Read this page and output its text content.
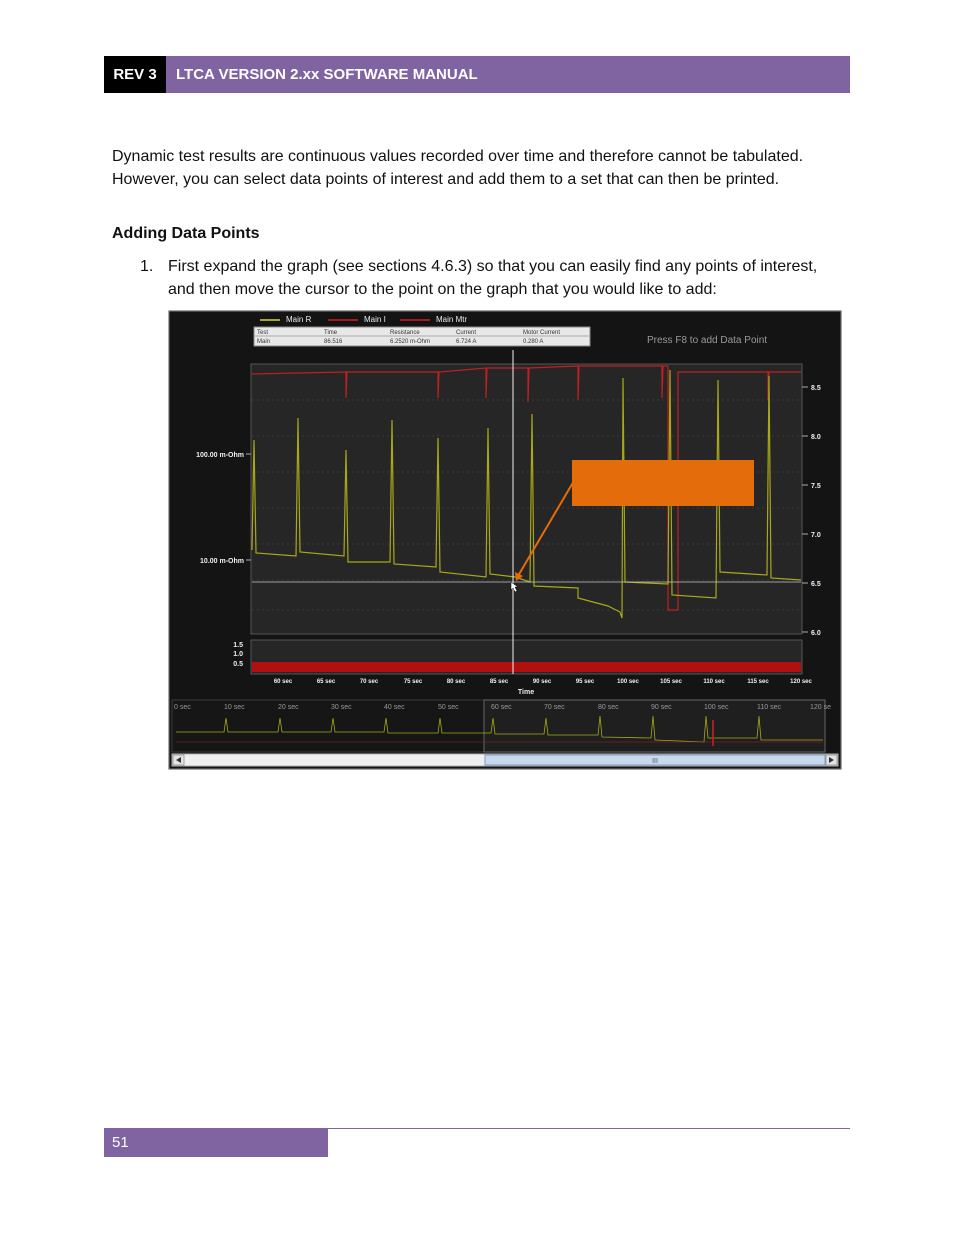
REV 3	LTCA VERSION 2.xx SOFTWARE MANUAL

Dynamic test results are continuous values recorded over time and therefore cannot be tabulated. However, you can select data points of interest and add them to a set that can then be printed.

Adding Data Points

1. First expand the graph (see sections 4.6.3) so that you can easily find any points of interest, and then move the cursor to the point on the graph that you would like to add:
Main R	Main I	Main Mtr
Test	Time	Resistance	Current	Motor Current
Main	86.516	6.2520 m-Ohm	6.724 A	0.280 A	Press F8 to add Data Point
100.00 m-Ohm
10.00 m-Ohm
8.5
8.0
7.5
7.0
6.5
6.0
1.5
1.0
0.5
60 sec	65 sec	70 sec	75 sec	80 sec	85 sec	90 sec	95 sec	100 sec	105 sec	110 sec	115 sec	120 sec
Time
0 sec	10 sec	20 sec	30 sec	40 sec	50 sec	60 sec	70 sec	80 sec	90 sec	100 sec	110 sec	120 se
III
51
